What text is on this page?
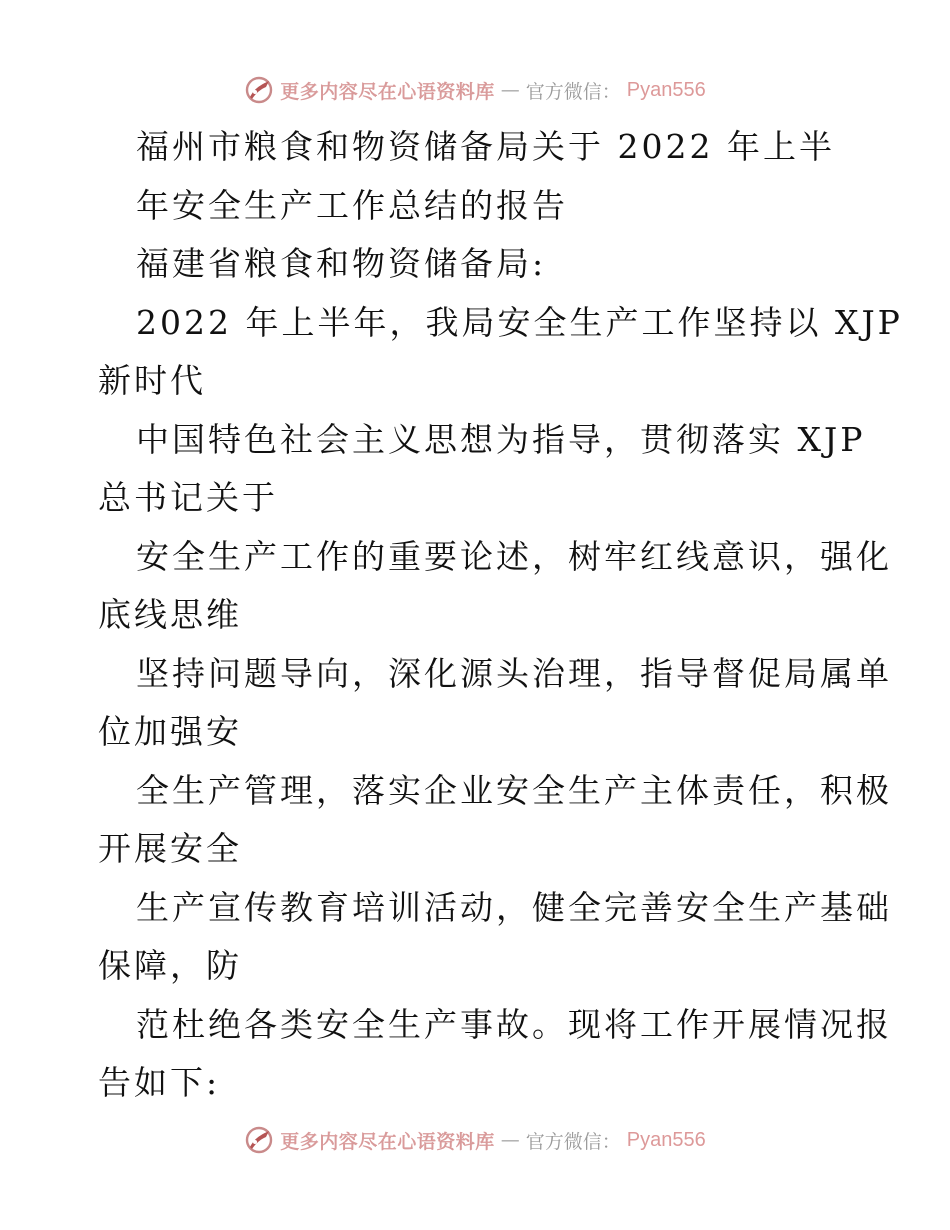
更多内容尽在心语资料库 — 官方微信： Pyan556
福州市粮食和物资储备局关于 2022 年上半
年安全生产工作总结的报告
福建省粮食和物资储备局:
2022 年上半年，我局安全生产工作坚持以 XJP
新时代
中国特色社会主义思想为指导，贯彻落实 XJP
总书记关于
安全生产工作的重要论述，树牢红线意识，强化
底线思维
坚持问题导向，深化源头治理，指导督促局属单
位加强安
全生产管理，落实企业安全生产主体责任，积极
开展安全
生产宣传教育培训活动，健全完善安全生产基础
保障，防
范杜绝各类安全生产事故。现将工作开展情况报
告如下:
更多内容尽在心语资料库 — 官方微信： Pyan556
